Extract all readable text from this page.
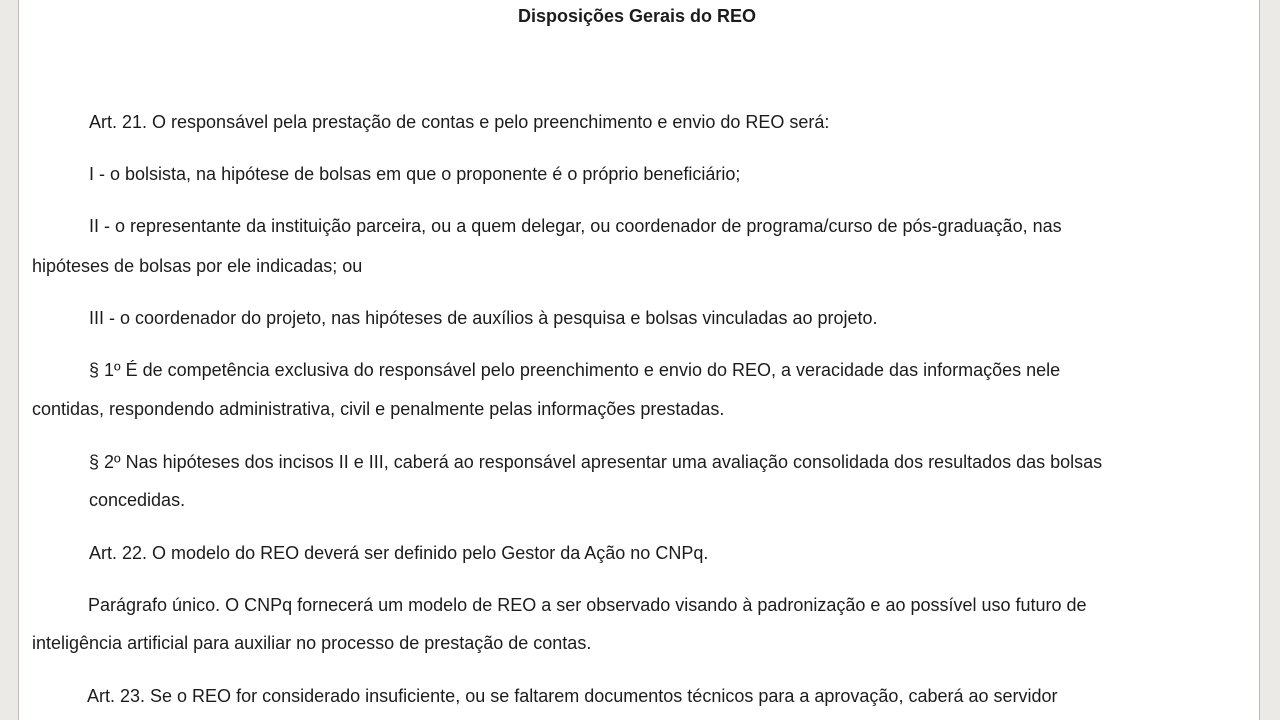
Disposições Gerais do REO

Art. 21. O responsável pela prestação de contas e pelo preenchimento e envio do REO será:

I - o bolsista, na hipótese de bolsas em que o proponente é o próprio beneficiário;

II - o representante da instituição parceira, ou a quem delegar, ou coordenador de programa/curso de pós-graduação, nas

hipóteses de bolsas por ele indicadas; ou

III - o coordenador do projeto, nas hipóteses de auxílios à pesquisa e bolsas vinculadas ao projeto.

§ 1º É de competência exclusiva do responsável pelo preenchimento e envio do REO, a veracidade das informações nele

contidas, respondendo administrativa, civil e penalmente pelas informações prestadas.

§ 2º Nas hipóteses dos incisos II e III, caberá ao responsável apresentar uma avaliação consolidada dos resultados das bolsas

concedidas.

Art. 22. O modelo do REO deverá ser definido pelo Gestor da Ação no CNPq.

Parágrafo único. O CNPq fornecerá um modelo de REO a ser observado visando à padronização e ao possível uso futuro de

inteligência artificial para auxiliar no processo de prestação de contas.

Art. 23. Se o REO for considerado insuficiente, ou se faltarem documentos técnicos para a aprovação, caberá ao servidor
